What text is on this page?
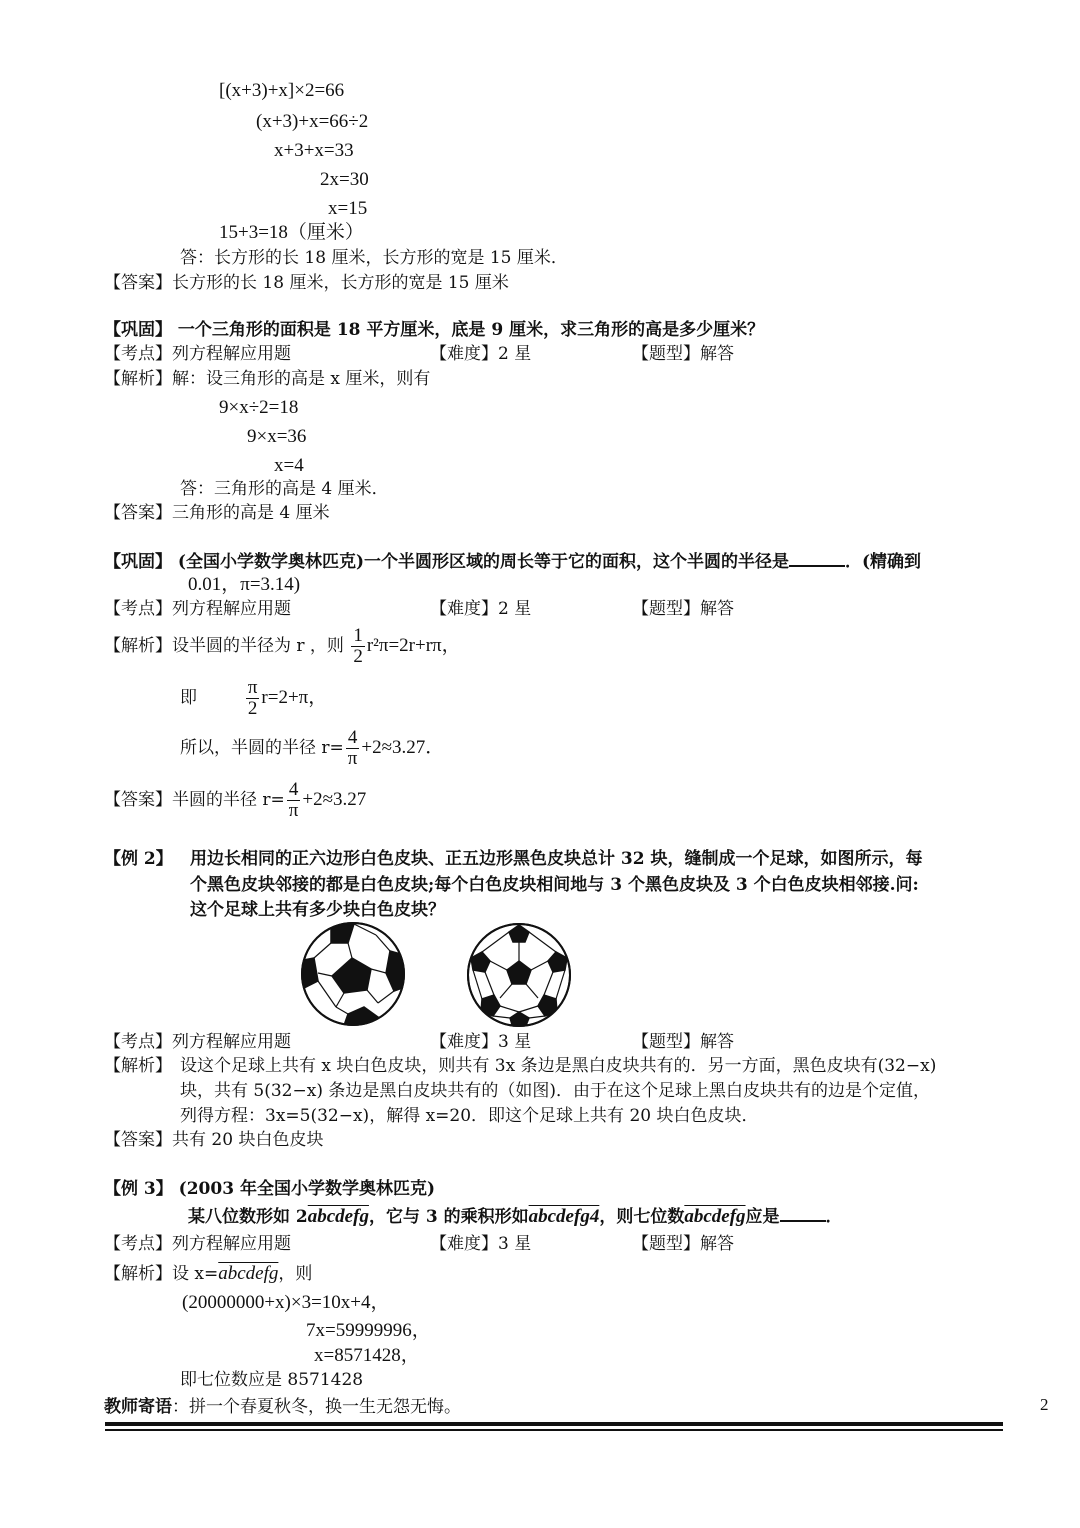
[(x+3)+x]×2=66
(x+3)+x=66÷2
x+3+x=33
2x=30
x=15
15+3=18（厘米）
答：长方形的长 18 厘米，长方形的宽是 15 厘米．
【答案】长方形的长 18 厘米，长方形的宽是 15 厘米
【巩固】 一个三角形的面积是 18 平方厘米，底是 9 厘米，求三角形的高是多少厘米？
【考点】列方程解应用题	【难度】2 星	【题型】解答
【解析】解：设三角形的高是 x 厘米，则有
9×x÷2=18
9×x=36
x=4
答：三角形的高是 4 厘米．
【答案】三角形的高是 4 厘米
【巩固】 (全国小学数学奥林匹克)一个半圆形区域的周长等于它的面积，这个半圆的半径是	．(精确到
0.01，π=3.14)
【考点】列方程解应用题	【难度】2 星	【题型】解答
【解析】设半圆的半径为 r ，则 $\frac{1}{2} r^2\pi=2r+r\pi$，
即	$\frac{\pi}{2} r=2+\pi$，
所以，半圆的半径 $r= \frac{4}{\pi} +2\approx 3.27$．
【答案】半圆的半径 $r= \frac{4}{\pi} +2\approx 3.27$
【例 2】 用边长相同的正六边形白色皮块、正五边形黑色皮块总计 32 块，缝制成一个足球，如图所示，每
个黑色皮块邻接的都是白色皮块;每个白色皮块相间地与 3 个黑色皮块及 3 个白色皮块相邻接.问:
这个足球上共有多少块白色皮块？
【考点】列方程解应用题	【难度】3 星	【题型】解答
【解析】 设这个足球上共有 x 块白色皮块，则共有 3x 条边是黑白皮块共有的．另一方面，黑色皮块有(32−x)
块，共有 5(32−x) 条边是黑白皮块共有的（如图)．由于在这个足球上黑白皮块共有的边是个定值，
列得方程：3x=5(32−x)，解得 x=20．即这个足球上共有 20 块白色皮块．
【答案】共有 20 块白色皮块
【例 3】 (2003 年全国小学数学奥林匹克)
某八位数形如 2abcdefg，它与 3 的乘积形如abcdefg4，则七位数abcdefg应是	．
【考点】列方程解应用题	【难度】3 星	【题型】解答
【解析】设 x=abcdefg，则
(20000000+x)×3=10x+4，
7x=59999996，
x=8571428，
即七位数应是 8571428
教师寄语：拼一个春夏秋冬，换一生无怨无悔。	2
